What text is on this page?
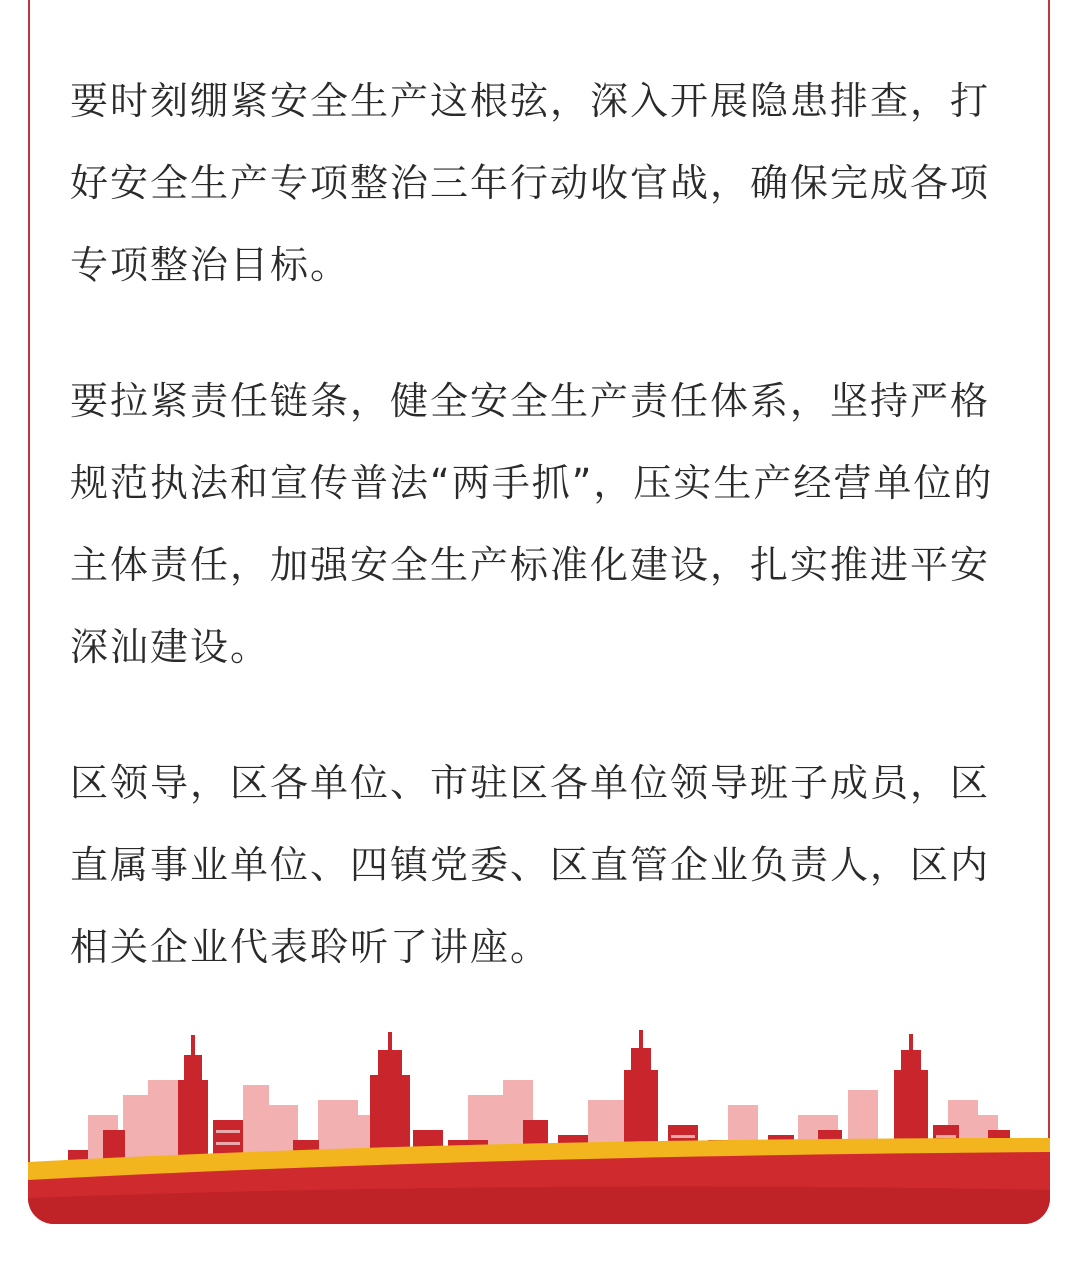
要时刻绷紧安全生产这根弦，深入开展隐患排查，打好安全生产专项整治三年行动收官战，确保完成各项专项整治目标。

要拉紧责任链条，健全安全生产责任体系，坚持严格规范执法和宣传普法“两手抓”，压实生产经营单位的主体责任，加强安全生产标准化建设，扎实推进平安深汕建设。

区领导，区各单位、市驻区各单位领导班子成员，区直属事业单位、四镇党委、区直管企业负责人，区内相关企业代表聆听了讲座。
